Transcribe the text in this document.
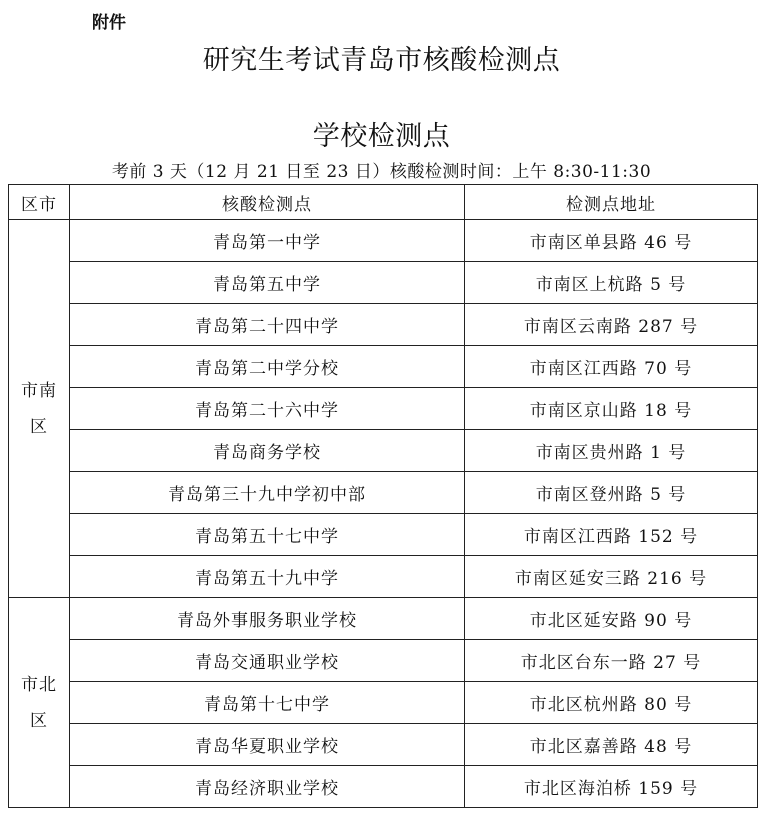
附件
研究生考试青岛市核酸检测点
学校检测点
考前 3 天（12 月 21 日至 23 日）核酸检测时间：上午 8:30-11:30
区市	核酸检测点	检测点地址

市南
区	青岛第一中学	市南区单县路 46 号
	青岛第五中学	市南区上杭路 5 号
	青岛第二十四中学	市南区云南路 287 号
	青岛第二中学分校	市南区江西路 70 号
	青岛第二十六中学	市南区京山路 18 号
	青岛商务学校	市南区贵州路 1 号
	青岛第三十九中学初中部	市南区登州路 5 号
	青岛第五十七中学	市南区江西路 152 号
	青岛第五十九中学	市南区延安三路 216 号

市北
区	青岛外事服务职业学校	市北区延安路 90 号
	青岛交通职业学校	市北区台东一路 27 号
	青岛第十七中学	市北区杭州路 80 号
	青岛华夏职业学校	市北区嘉善路 48 号
	青岛经济职业学校	市北区海泊桥 159 号
